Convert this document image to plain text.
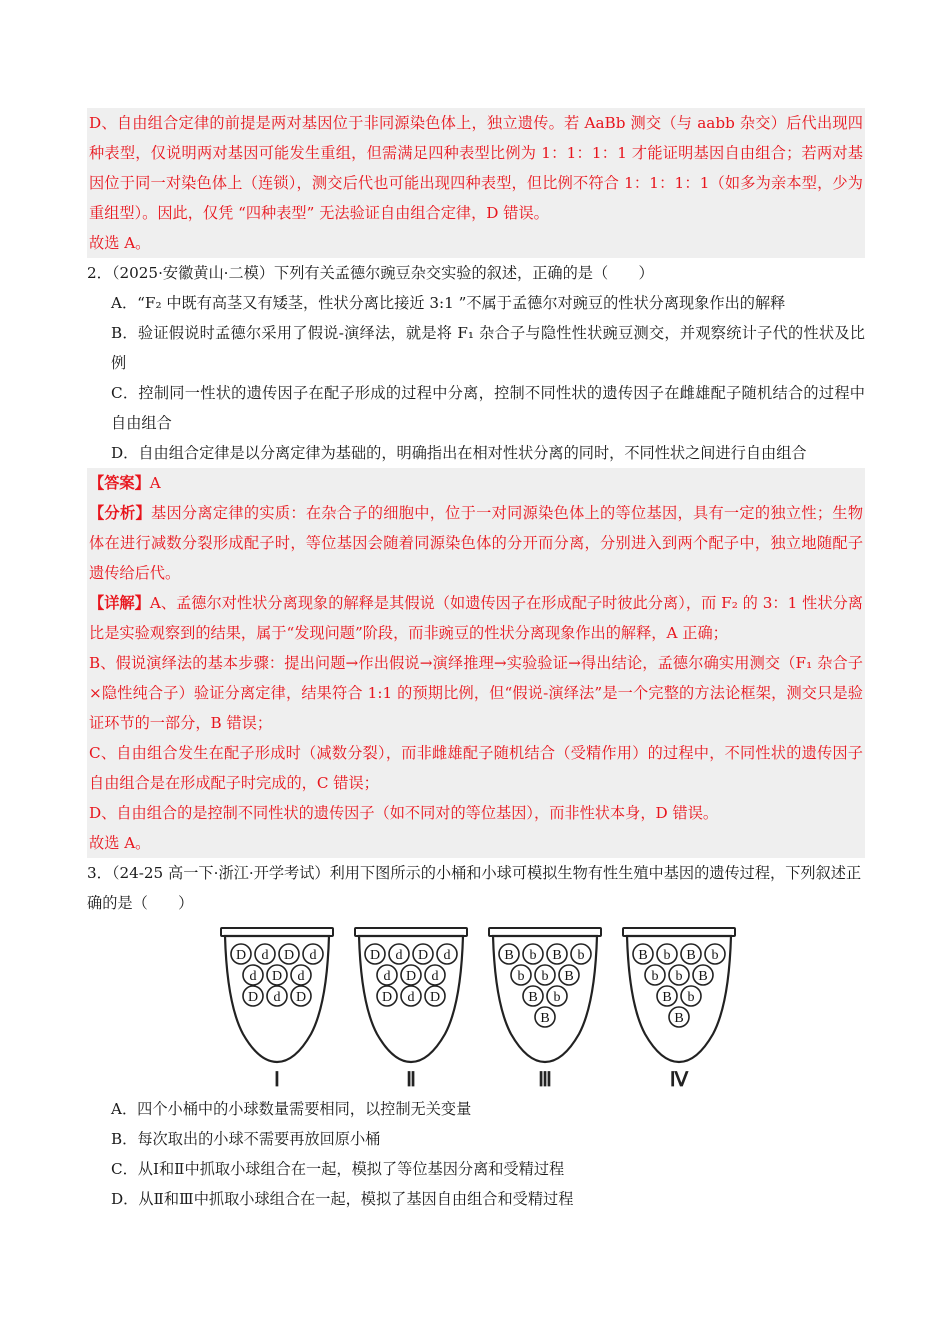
D、自由组合定律的前提是两对基因位于非同源染色体上，独立遗传。若 AaBb 测交（与 aabb 杂交）后代出现四种表型，仅说明两对基因可能发生重组，但需满足四种表型比例为 1：1：1：1 才能证明基因自由组合；若两对基因位于同一对染色体上（连锁），测交后代也可能出现四种表型，但比例不符合 1：1：1：1（如多为亲本型，少为重组型）。因此，仅凭 “四种表型” 无法验证自由组合定律，D 错误。

故选 A。

2．（2025·安徽黄山·二模）下列有关孟德尔豌豆杂交实验的叙述，正确的是（　　）

A．“F₂ 中既有高茎又有矮茎，性状分离比接近 3:1 ”不属于孟德尔对豌豆的性状分离现象作出的解释

B．验证假说时孟德尔采用了假说-演绎法，就是将 F₁ 杂合子与隐性性状豌豆测交，并观察统计子代的性状及比例

C．控制同一性状的遗传因子在配子形成的过程中分离，控制不同性状的遗传因子在雌雄配子随机结合的过程中自由组合

D．自由组合定律是以分离定律为基础的，明确指出在相对性状分离的同时，不同性状之间进行自由组合

【答案】A

【分析】基因分离定律的实质：在杂合子的细胞中，位于一对同源染色体上的等位基因，具有一定的独立性；生物体在进行减数分裂形成配子时，等位基因会随着同源染色体的分开而分离，分别进入到两个配子中，独立地随配子遗传给后代。

【详解】A、孟德尔对性状分离现象的解释是其假说（如遗传因子在形成配子时彼此分离），而 F₂ 的 3：1 性状分离比是实验观察到的结果，属于“发现问题”阶段，而非豌豆的性状分离现象作出的解释，A 正确；

B、假说演绎法的基本步骤：提出问题→作出假说→演绎推理→实验验证→得出结论，孟德尔确实用测交（F₁ 杂合子×隐性纯合子）验证分离定律，结果符合 1:1 的预期比例，但“假说-演绎法”是一个完整的方法论框架，测交只是验证环节的一部分，B 错误；

C、自由组合发生在配子形成时（减数分裂），而非雌雄配子随机结合（受精作用）的过程中，不同性状的遗传因子自由组合是在形成配子时完成的，C 错误；

D、自由组合的是控制不同性状的遗传因子（如不同对的等位基因），而非性状本身，D 错误。

故选 A。

3．（24-25 高一下·浙江·开学考试）利用下图所示的小桶和小球可模拟生物有性生殖中基因的遗传过程，下列叙述正确的是（　　）

D d D d
d D d
D d D
Ⅰ
D d D d
d D d
D d D
Ⅱ
B b B b
b b B
B b
B
Ⅲ
B b B b
b b B
B b
B
Ⅳ

A．四个小桶中的小球数量需要相同，以控制无关变量

B．每次取出的小球不需要再放回原小桶

C．从Ⅰ和Ⅱ中抓取小球组合在一起，模拟了等位基因分离和受精过程

D．从Ⅱ和Ⅲ中抓取小球组合在一起，模拟了基因自由组合和受精过程
